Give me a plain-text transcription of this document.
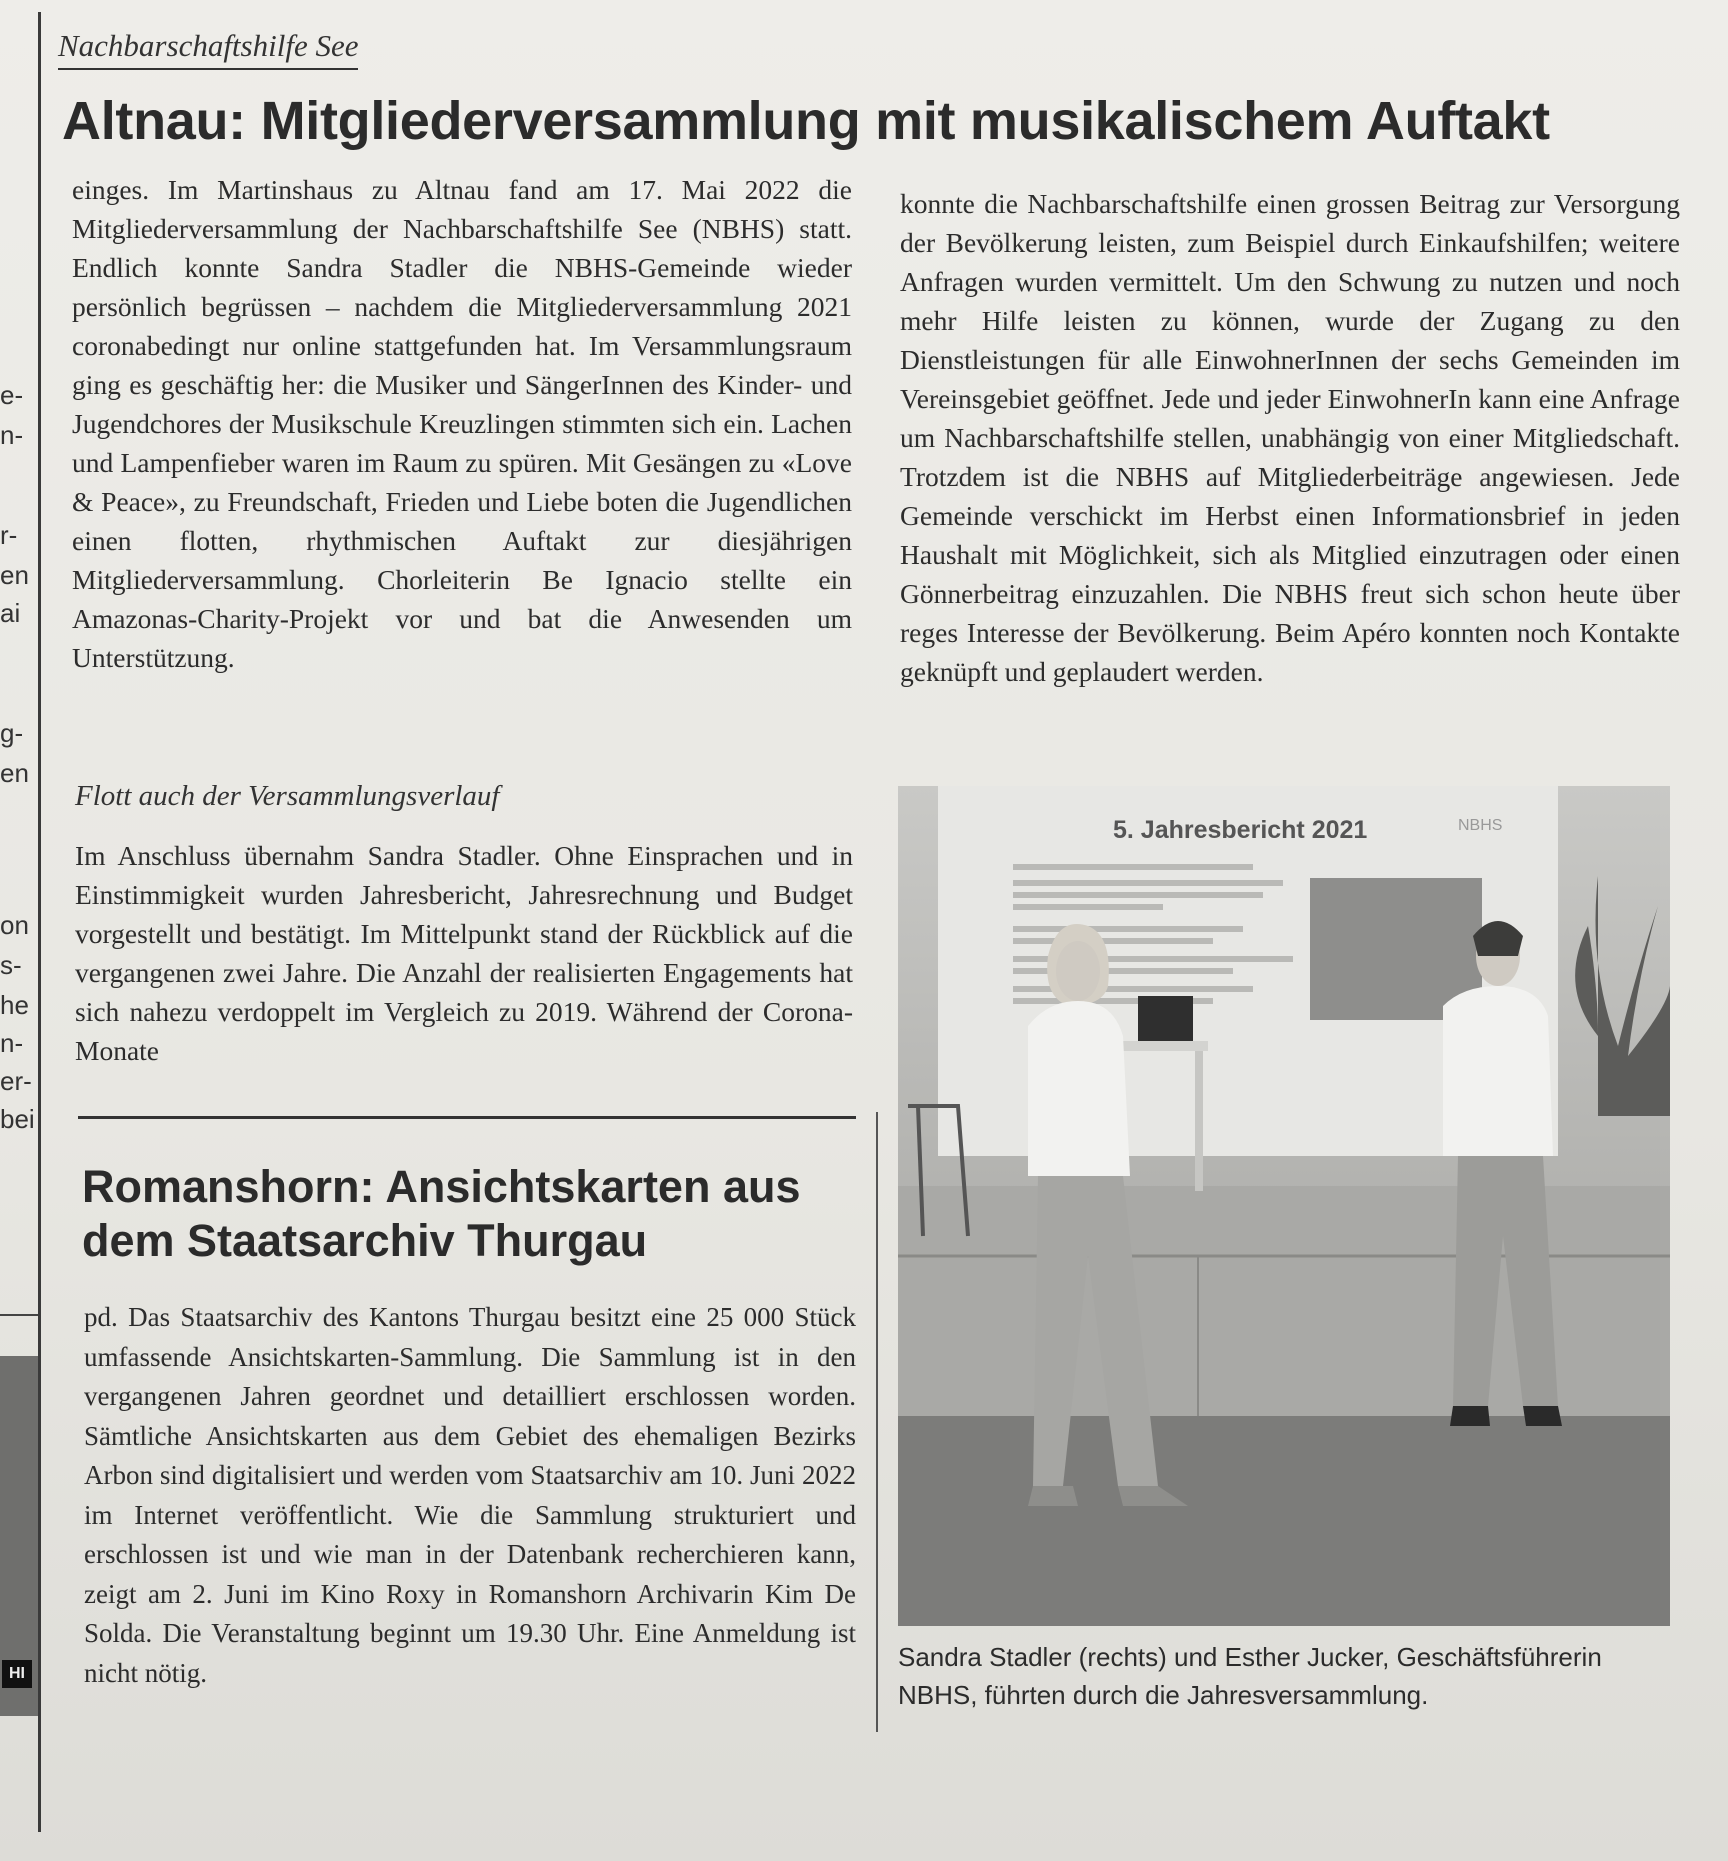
e-
n-
r-
en
ai
g-
en
on
s-
he
n-
er-
bei
HI
Nachbarschaftshilfe See
Altnau: Mitgliederversammlung mit musikalischem Auftakt

einges. Im Martinshaus zu Altnau fand am 17. Mai 2022 die Mitgliederversammlung der Nachbarschaftshilfe See (NBHS) statt. Endlich konnte Sandra Stadler die NBHS-Gemeinde wieder persönlich begrüssen – nachdem die Mitgliederversammlung 2021 coronabedingt nur online stattgefunden hat. Im Versammlungsraum ging es geschäftig her: die Musiker und SängerInnen des Kinder- und Jugendchores der Musikschule Kreuzlingen stimmten sich ein. Lachen und Lampenfieber waren im Raum zu spüren. Mit Gesängen zu «Love & Peace», zu Freundschaft, Frieden und Liebe boten die Jugendlichen einen flotten, rhythmischen Auftakt zur diesjährigen Mitgliederversammlung. Chorleiterin Be Ignacio stellte ein Amazonas-Charity-Projekt vor und bat die Anwesenden um Unterstützung.

Flott auch der Versammlungsverlauf

Im Anschluss übernahm Sandra Stadler. Ohne Einsprachen und in Einstimmigkeit wurden Jahresbericht, Jahresrechnung und Budget vorgestellt und bestätigt. Im Mittelpunkt stand der Rückblick auf die vergangenen zwei Jahre. Die Anzahl der realisierten Engagements hat sich nahezu verdoppelt im Vergleich zu 2019. Während der Corona-Monate

konnte die Nachbarschaftshilfe einen grossen Beitrag zur Versorgung der Bevölkerung leisten, zum Beispiel durch Einkaufshilfen; weitere Anfragen wurden vermittelt. Um den Schwung zu nutzen und noch mehr Hilfe leisten zu können, wurde der Zugang zu den Dienstleistungen für alle EinwohnerInnen der sechs Gemeinden im Vereinsgebiet geöffnet. Jede und jeder EinwohnerIn kann eine Anfrage um Nachbarschaftshilfe stellen, unabhängig von einer Mitgliedschaft. Trotzdem ist die NBHS auf Mitgliederbeiträge angewiesen. Jede Gemeinde verschickt im Herbst einen Informationsbrief in jeden Haushalt mit Möglichkeit, sich als Mitglied einzutragen oder einen Gönnerbeitrag einzuzahlen. Die NBHS freut sich schon heute über reges Interesse der Bevölkerung. Beim Apéro konnten noch Kontakte geknüpft und geplaudert werden.

Romanshorn: Ansichtskarten aus dem Staatsarchiv Thurgau

pd. Das Staatsarchiv des Kantons Thurgau besitzt eine 25 000 Stück umfassende Ansichtskarten-Sammlung. Die Sammlung ist in den vergangenen Jahren geordnet und detailliert erschlossen worden. Sämtliche Ansichtskarten aus dem Gebiet des ehemaligen Bezirks Arbon sind digitalisiert und werden vom Staatsarchiv am 10. Juni 2022 im Internet veröffentlicht. Wie die Sammlung strukturiert und erschlossen ist und wie man in der Datenbank recherchieren kann, zeigt am 2. Juni im Kino Roxy in Romanshorn Archivarin Kim De Solda. Die Veranstaltung beginnt um 19.30 Uhr. Eine Anmeldung ist nicht nötig.

5. Jahresbericht 2021	NBHS
Sandra Stadler (rechts) und Esther Jucker, Geschäftsführerin NBHS, führten durch die Jahresversammlung.
